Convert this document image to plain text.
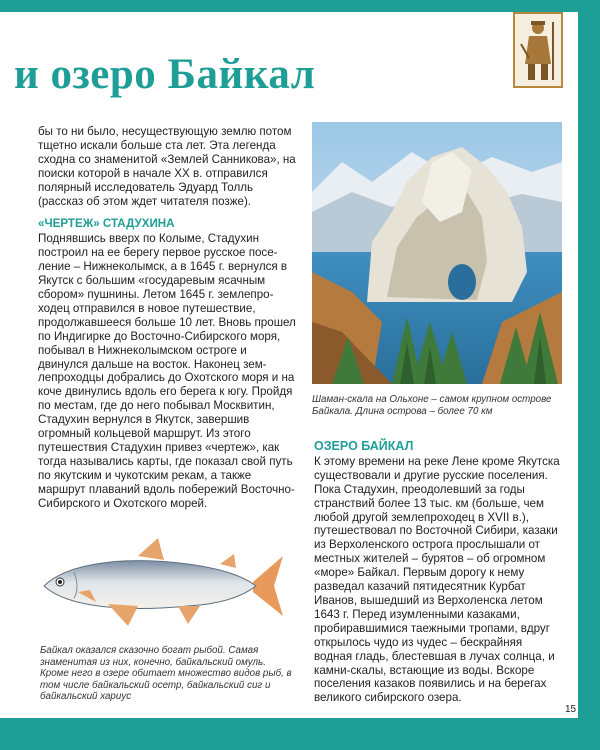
и озеро Байкал

бы то ни было, несуществующую землю потом тщетно искали больше ста лет. Эта легенда сходна со знаменитой «Землей Санникова», на поиски которой в начале XX в. отправился полярный исследователь Эдуард Толль (рассказ об этом ждет читателя позже).

«ЧЕРТЕЖ» СТАДУХИНА

Поднявшись вверх по Колыме, Стадухин построил на ее берегу первое русское поселение – Нижнеколымск, а в 1645 г. вернулся в Якутск с большим «государевым ясачным сбором» пушнины. Летом 1645 г. землепроходец отправился в новое путешествие, продолжавшееся больше 10 лет. Вновь прошел по Индигирке до Восточно-Сибирского моря, побывал в Нижнеколымском остроге и двинулся дальше на восток. Наконец землепроходцы добрались до Охотского моря и на коче двинулись вдоль его берега к югу. Пройдя по местам, где до него побывал Москвитин, Стадухин вернулся в Якутск, завершив огромный кольцевой маршрут. Из этого путешествия Стадухин привез «чертеж», как тогда назывались карты, где показал свой путь по якутским и чукотским рекам, а также маршрут плаваний вдоль побережий Восточно-Сибирского и Охотского морей.

Шаман-скала на Ольхоне – самом крупном острове Байкала. Длина острова – более 70 км
ОЗЕРО БАЙКАЛ

К этому времени на реке Лене кроме Якутска существовали и другие русские поселения. Пока Стадухин, преодолевший за годы странствий более 13 тыс. км (больше, чем любой другой землепроходец в XVII в.), путешествовал по Восточной Сибири, казаки из Верхоленского острога прослышали от местных жителей – бурятов – об огромном «море» Байкал. Первым дорогу к нему разведал казачий пятидесятник Курбат Иванов, вышедший из Верхоленска летом 1643 г. Перед изумленными казаками, пробиравшимися таежными тропами, вдруг открылось чудо из чудес – бескрайняя водная гладь, блестевшая в лучах солнца, и камни-скалы, встающие из воды. Вскоре поселения казаков появились и на берегах великого сибирского озера.

Байкал оказался сказочно богат рыбой. Самая знаменитая из них, конечно, байкальский омуль. Кроме него в озере обитает множество видов рыб, в том числе байкальский осетр, байкальский сиг и байкальский хариус
15
